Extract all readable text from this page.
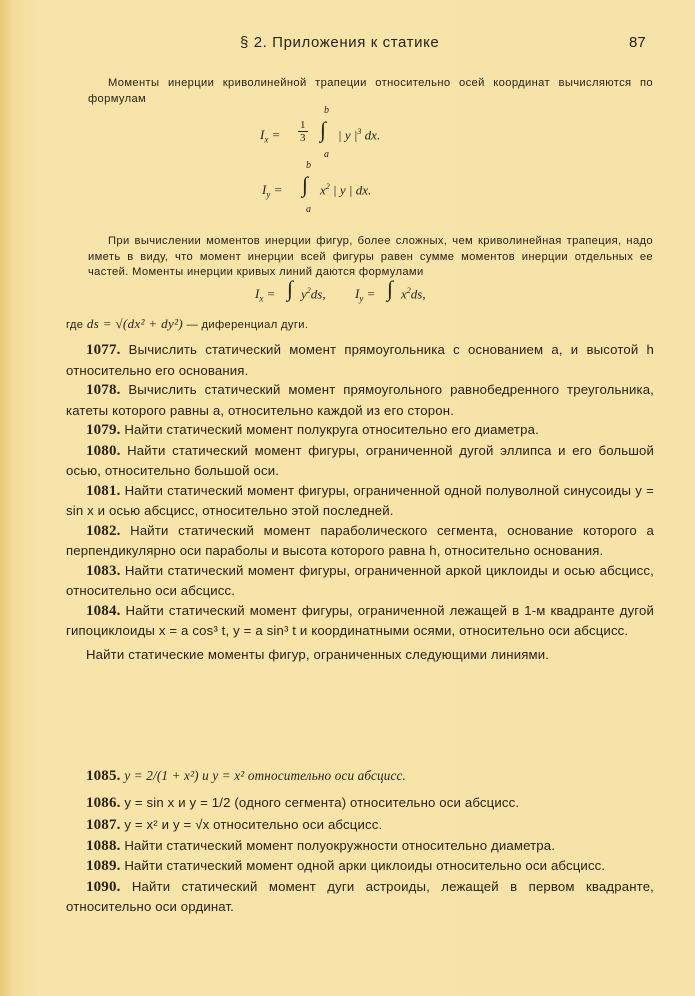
§ 2. Приложения к статике	87

Моменты инерции криволинейной трапеции относительно осей координат вычисляются по формулам

b
$I_x = \frac{1}{3}$ ∫ | y $|^3$ dx.
a
b
$I_y$ = ∫ $x^2$ | y | dx.
a

При вычислении моментов инерции фигур, более сложных, чем криволинейная трапеция, надо иметь в виду, что момент инерции всей фигуры равен сумме моментов инерции отдельных ее частей. Моменты инерции кривых линий даются формулами

$I_x$ = ∫ $y^2ds$, $I_y$ = ∫ $x^2ds$,
где ds = √(dx² + dy²) — диференциал дуги.

1077. Вычислить статический момент прямоугольника с основанием a, и высотой h относительно его основания.

1078. Вычислить статический момент прямоугольного равнобедренного треугольника, катеты которого равны a, относительно каждой из его сторон.

1079. Найти статический момент полукруга относительно его диаметра.

1080. Найти статический момент фигуры, ограниченной дугой эллипса и его большой осью, относительно большой оси.

1081. Найти статический момент фигуры, ограниченной одной полуволной синусоиды y = sin x и осью абсцисс, относительно этой последней.

1082. Найти статический момент параболического сегмента, основание которого a перпендикулярно оси параболы и высота которого равна h, относительно основания.

1083. Найти статический момент фигуры, ограниченной аркой циклоиды и осью абсцисс, относительно оси абсцисс.

1084. Найти статический момент фигуры, ограниченной лежащей в 1-м квадранте дугой гипоциклоиды x = a cos³ t, y = a sin³ t и координатными осями, относительно оси абсцисс.

Найти статические моменты фигур, ограниченных следующими линиями.

1085. y = 2/(1 + x²) и y = x² относительно оси абсцисс.

1086. y = sin x и y = 1/2 (одного сегмента) относительно оси абсцисс.

1087. y = x² и y = √x относительно оси абсцисс.

1088. Найти статический момент полуокружности относительно диаметра.

1089. Найти статический момент одной арки циклоиды относительно оси абсцисс.

1090. Найти статический момент дуги астроиды, лежащей в первом квадранте, относительно оси ординат.
